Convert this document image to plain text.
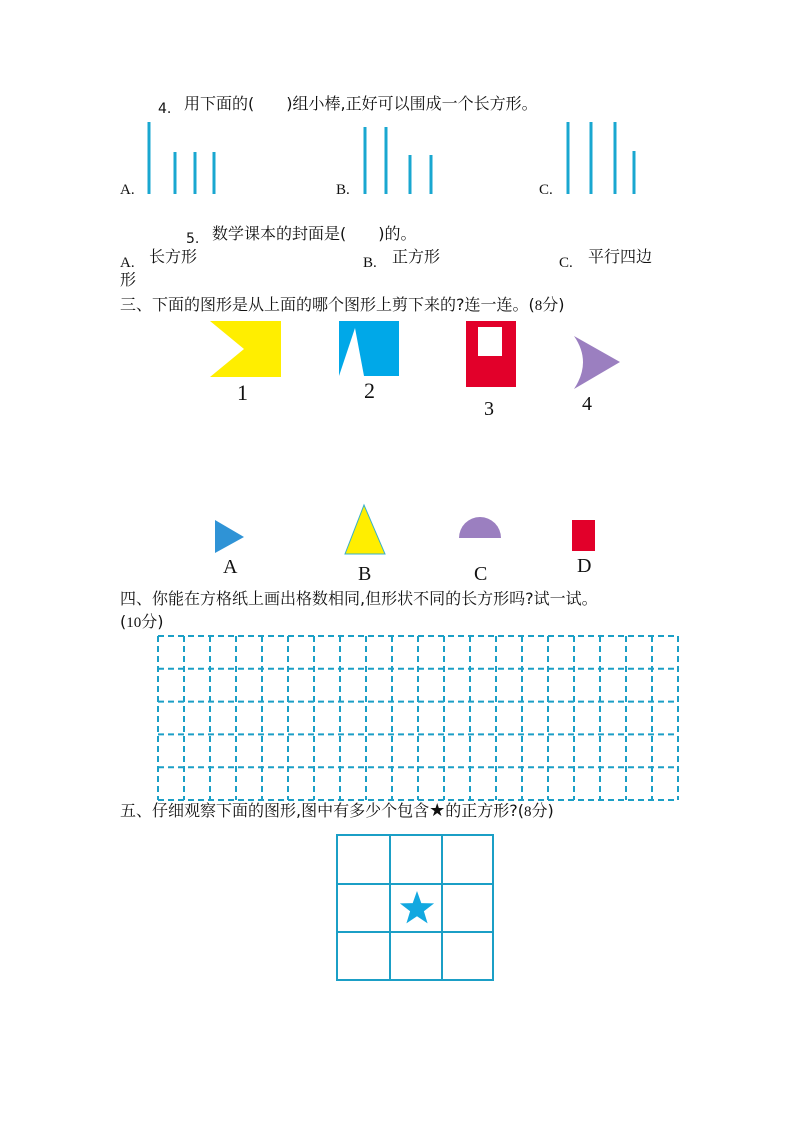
4. 用下面的(　　)组小棒,正好可以围成一个长方形。
A.	B.	C.
5. 数学课本的封面是(　　)的。
A. 长方形	B. 正方形	C. 平行四边
形
三、下面的图形是从上面的哪个图形上剪下来的?连一连。(8分)
1	2
3	4
A	B	C	D
四、你能在方格纸上画出格数相同,但形状不同的长方形吗?试一试。
(10分)
五、仔细观察下面的图形,图中有多少个包含★的正方形?(8分)
